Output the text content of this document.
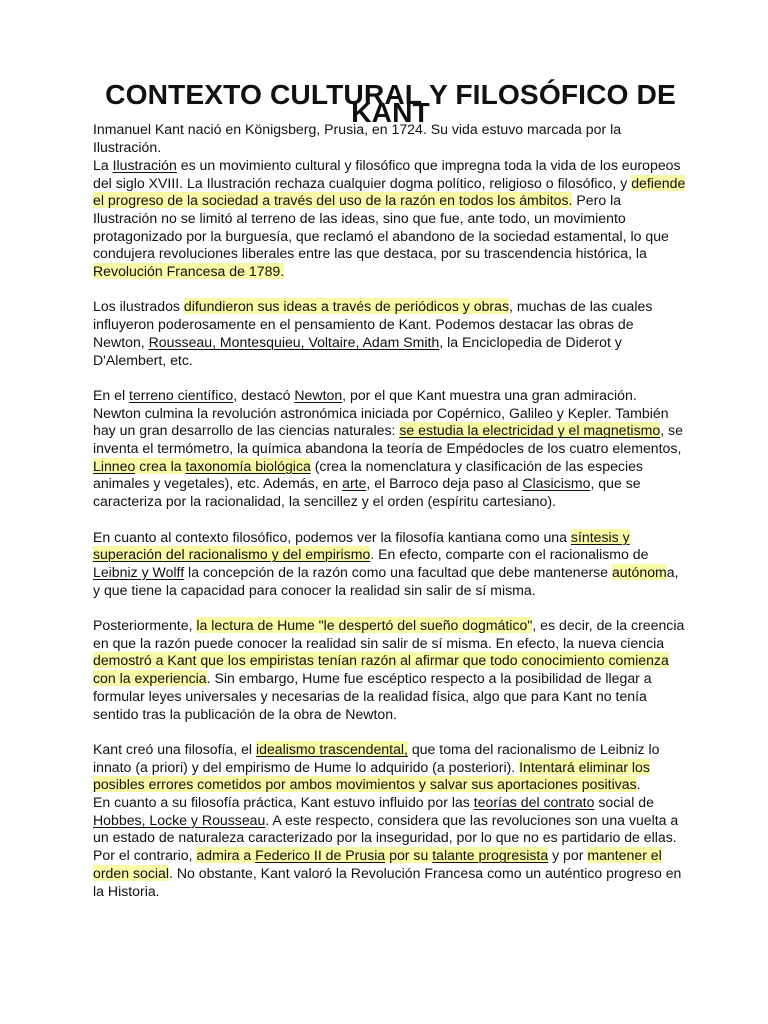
CONTEXTO CULTURAL Y FILOSÓFICO DE KANT

Inmanuel Kant nació en Königsberg, Prusia, en 1724. Su vida estuvo marcada por la Ilustración.

La Ilustración es un movimiento cultural y filosófico que impregna toda la vida de los europeos del siglo XVIII. La Ilustración rechaza cualquier dogma político, religioso o filosófico, y defiende el progreso de la sociedad a través del uso de la razón en todos los ámbitos. Pero la Ilustración no se limitó al terreno de las ideas, sino que fue, ante todo, un movimiento protagonizado por la burguesía, que reclamó el abandono de la sociedad estamental, lo que condujera revoluciones liberales entre las que destaca, por su trascendencia histórica, la Revolución Francesa de 1789.

Los ilustrados difundieron sus ideas a través de periódicos y obras, muchas de las cuales influyeron poderosamente en el pensamiento de Kant. Podemos destacar las obras de Newton, Rousseau, Montesquieu, Voltaire, Adam Smith, la Enciclopedia de Diderot y D'Alembert, etc.

En el terreno científico, destacó Newton, por el que Kant muestra una gran admiración. Newton culmina la revolución astronómica iniciada por Copérnico, Galileo y Kepler. También hay un gran desarrollo de las ciencias naturales: se estudia la electricidad y el magnetismo, se inventa el termómetro, la química abandona la teoría de Empédocles de los cuatro elementos, Linneo crea la taxonomía biológica (crea la nomenclatura y clasificación de las especies animales y vegetales), etc. Además, en arte, el Barroco deja paso al Clasicismo, que se caracteriza por la racionalidad, la sencillez y el orden (espíritu cartesiano).

En cuanto al contexto filosófico, podemos ver la filosofía kantiana como una síntesis y superación del racionalismo y del empirismo. En efecto, comparte con el racionalismo de Leibniz y Wolff la concepción de la razón como una facultad que debe mantenerse autónoma, y que tiene la capacidad para conocer la realidad sin salir de sí misma.

Posteriormente, la lectura de Hume "le despertó del sueño dogmático", es decir, de la creencia en que la razón puede conocer la realidad sin salir de sí misma. En efecto, la nueva ciencia demostró a Kant que los empiristas tenían razón al afirmar que todo conocimiento comienza con la experiencia. Sin embargo, Hume fue escéptico respecto a la posibilidad de llegar a formular leyes universales y necesarias de la realidad física, algo que para Kant no tenía sentido tras la publicación de la obra de Newton.

Kant creó una filosofía, el idealismo trascendental, que toma del racionalismo de Leibniz lo innato (a priori) y del empirismo de Hume lo adquirido (a posteriori). Intentará eliminar los posibles errores cometidos por ambos movimientos y salvar sus aportaciones positivas.

En cuanto a su filosofía práctica, Kant estuvo influido por las teorías del contrato social de Hobbes, Locke y Rousseau. A este respecto, considera que las revoluciones son una vuelta a un estado de naturaleza caracterizado por la inseguridad, por lo que no es partidario de ellas. Por el contrario, admira a Federico II de Prusia por su talante progresista y por mantener el orden social. No obstante, Kant valoró la Revolución Francesa como un auténtico progreso en la Historia.
